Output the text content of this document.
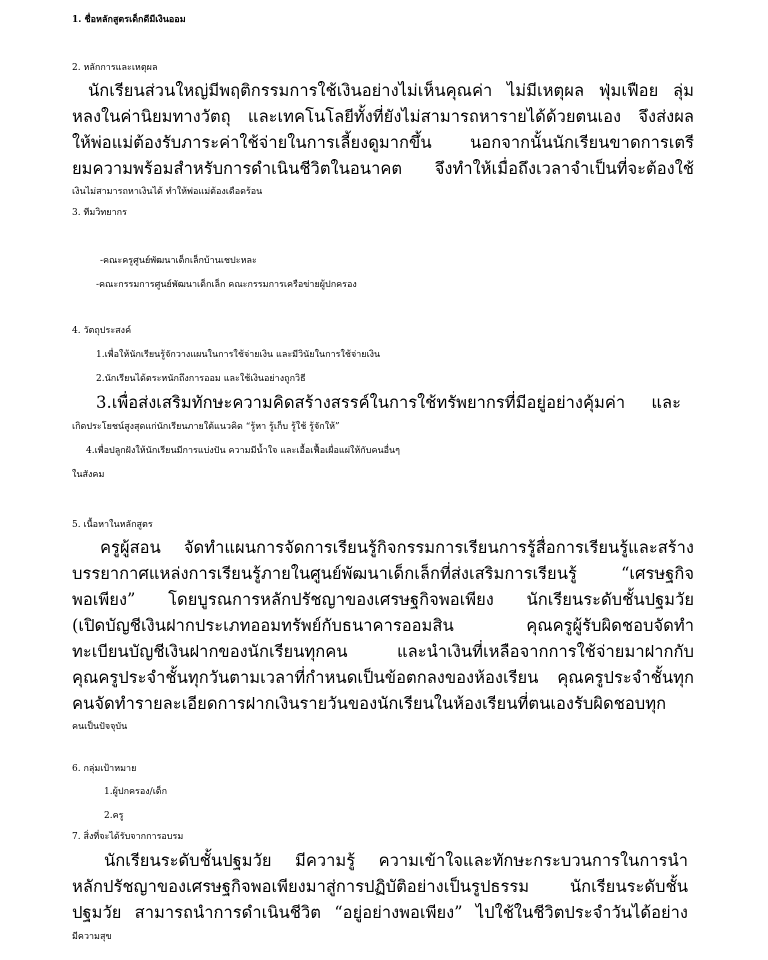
1. ชื่อหลักสูตรเด็กดีมีเงินออม
2. หลักการและเหตุผล
นักเรียนส่วนใหญ่มีพฤติกรรมการใช้เงินอย่างไม่เห็นคุณค่า ไม่มีเหตุผล ฟุ่มเฟือย ลุ่ม
หลงในค่านิยมทางวัตถุ และเทคโนโลยีทั้งที่ยังไม่สามารถหารายได้ด้วยตนเอง จึงส่งผล
ให้พ่อแม่ต้องรับภาระค่าใช้จ่ายในการเลี้ยงดูมากขึ้น นอกจากนั้นนักเรียนขาดการเตรี
ยมความพร้อมสำหรับการดำเนินชีวิตในอนาคต จึงทำให้เมื่อถึงเวลาจำเป็นที่จะต้องใช้
เงินไม่สามารถหาเงินได้ ทำให้พ่อแม่ต้องเดือดร้อน
3. ทีมวิทยากร
-คณะครูศูนย์พัฒนาเด็กเล็กบ้านเชปะหละ
-คณะกรรมการศูนย์พัฒนาเด็กเล็ก คณะกรรมการเครือข่ายผู้ปกครอง
4. วัตถุประสงค์
1.เพื่อให้นักเรียนรู้จักวางแผนในการใช้จ่ายเงิน และมีวินัยในการใช้จ่ายเงิน
2.นักเรียนได้ตระหนักถึงการออม และใช้เงินอย่างถูกวิธี
3.เพื่อส่งเสริมทักษะความคิดสร้างสรรค์ในการใช้ทรัพยากรที่มีอยู่อย่างคุ้มค่า และ
เกิดประโยชน์สูงสุดแก่นักเรียนภายใต้แนวคิด “รู้หา รู้เก็บ รู้ใช้ รู้จักให้”
4.เพื่อปลูกฝังให้นักเรียนมีการแบ่งปัน ความมีน้ำใจ และเอื้อเฟื้อเผื่อแผ่ให้กับคนอื่นๆ
ในสังคม
5. เนื้อหาในหลักสูตร
ครูผู้สอน จัดทำแผนการจัดการเรียนรู้กิจกรรมการเรียนการรู้สื่อการเรียนรู้และสร้าง
บรรยากาศแหล่งการเรียนรู้ภายในศูนย์พัฒนาเด็กเล็กที่ส่งเสริมการเรียนรู้ “เศรษฐกิจ
พอเพียง” โดยบูรณการหลักปรัชญาของเศรษฐกิจพอเพียง นักเรียนระดับชั้นปฐมวัย
(เปิดบัญชีเงินฝากประเภทออมทรัพย์กับธนาคารออมสิน คุณครูผู้รับผิดชอบจัดทำ
ทะเบียนบัญชีเงินฝากของนักเรียนทุกคน และนำเงินที่เหลือจากการใช้จ่ายมาฝากกับ
คุณครูประจำชั้นทุกวันตามเวลาที่กำหนดเป็นข้อตกลงของห้องเรียน คุณครูประจำชั้นทุก
คนจัดทำรายละเอียดการฝากเงินรายวันของนักเรียนในห้องเรียนที่ตนเองรับผิดชอบทุก
คนเป็นปัจจุบัน
6. กลุ่มเป้าหมาย
1.ผู้ปกครอง/เด็ก
2.ครู
7. สิ่งที่จะได้รับจากการอบรม
นักเรียนระดับชั้นปฐมวัย มีความรู้ ความเข้าใจและทักษะกระบวนการในการนำ
หลักปรัชญาของเศรษฐกิจพอเพียงมาสู่การปฏิบัติอย่างเป็นรูปธรรม นักเรียนระดับชั้น
ปฐมวัย สามารถนำการดำเนินชีวิต “อยู่อย่างพอเพียง” ไปใช้ในชีวิตประจำวันได้อย่าง
มีความสุข
